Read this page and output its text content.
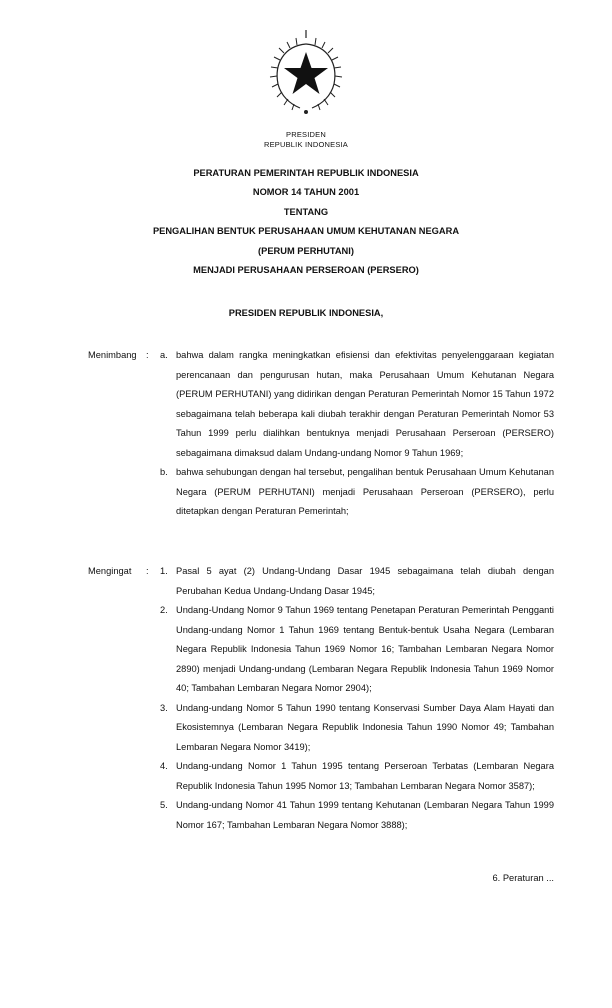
PRESIDEN
REPUBLIK INDONESIA
PERATURAN PEMERINTAH REPUBLIK INDONESIA
NOMOR 14 TAHUN 2001
TENTANG
PENGALIHAN BENTUK PERUSAHAAN UMUM KEHUTANAN NEGARA
(PERUM PERHUTANI)
MENJADI PERUSAHAAN PERSEROAN (PERSERO)
PRESIDEN REPUBLIK INDONESIA,
Menimbang : a. bahwa dalam rangka meningkatkan efisiensi dan efektivitas penyelenggaraan kegiatan perencanaan dan pengurusan hutan, maka Perusahaan Umum Kehutanan Negara (PERUM PERHUTANI) yang didirikan dengan Peraturan Pemerintah Nomor 15 Tahun 1972 sebagaimana telah beberapa kali diubah terakhir dengan Peraturan Pemerintah Nomor 53 Tahun 1999 perlu dialihkan bentuknya menjadi Perusahaan Perseroan (PERSERO) sebagaimana dimaksud dalam Undang-undang Nomor 9 Tahun 1969;
b. bahwa sehubungan dengan hal tersebut, pengalihan bentuk Perusahaan Umum Kehutanan Negara (PERUM PERHUTANI) menjadi Perusahaan Perseroan (PERSERO), perlu ditetapkan dengan Peraturan Pemerintah;
Mengingat : 1. Pasal 5 ayat (2) Undang-Undang Dasar 1945 sebagaimana telah diubah dengan Perubahan Kedua Undang-Undang Dasar 1945;
2. Undang-Undang Nomor 9 Tahun 1969 tentang Penetapan Peraturan Pemerintah Pengganti Undang-undang Nomor 1 Tahun 1969 tentang Bentuk-bentuk Usaha Negara (Lembaran Negara Republik Indonesia Tahun 1969 Nomor 16; Tambahan Lembaran Negara Nomor 2890) menjadi Undang-undang (Lembaran Negara Republik Indonesia Tahun 1969 Nomor 40; Tambahan Lembaran Negara Nomor 2904);
3. Undang-undang Nomor 5 Tahun 1990 tentang Konservasi Sumber Daya Alam Hayati dan Ekosistemnya (Lembaran Negara Republik Indonesia Tahun 1990 Nomor 49; Tambahan Lembaran Negara Nomor 3419);
4. Undang-undang Nomor 1 Tahun 1995 tentang Perseroan Terbatas (Lembaran Negara Republik Indonesia Tahun 1995 Nomor 13; Tambahan Lembaran Negara Nomor 3587);
5. Undang-undang Nomor 41 Tahun 1999 tentang Kehutanan (Lembaran Negara Tahun 1999 Nomor 167; Tambahan Lembaran Negara Nomor 3888);
6. Peraturan ...
